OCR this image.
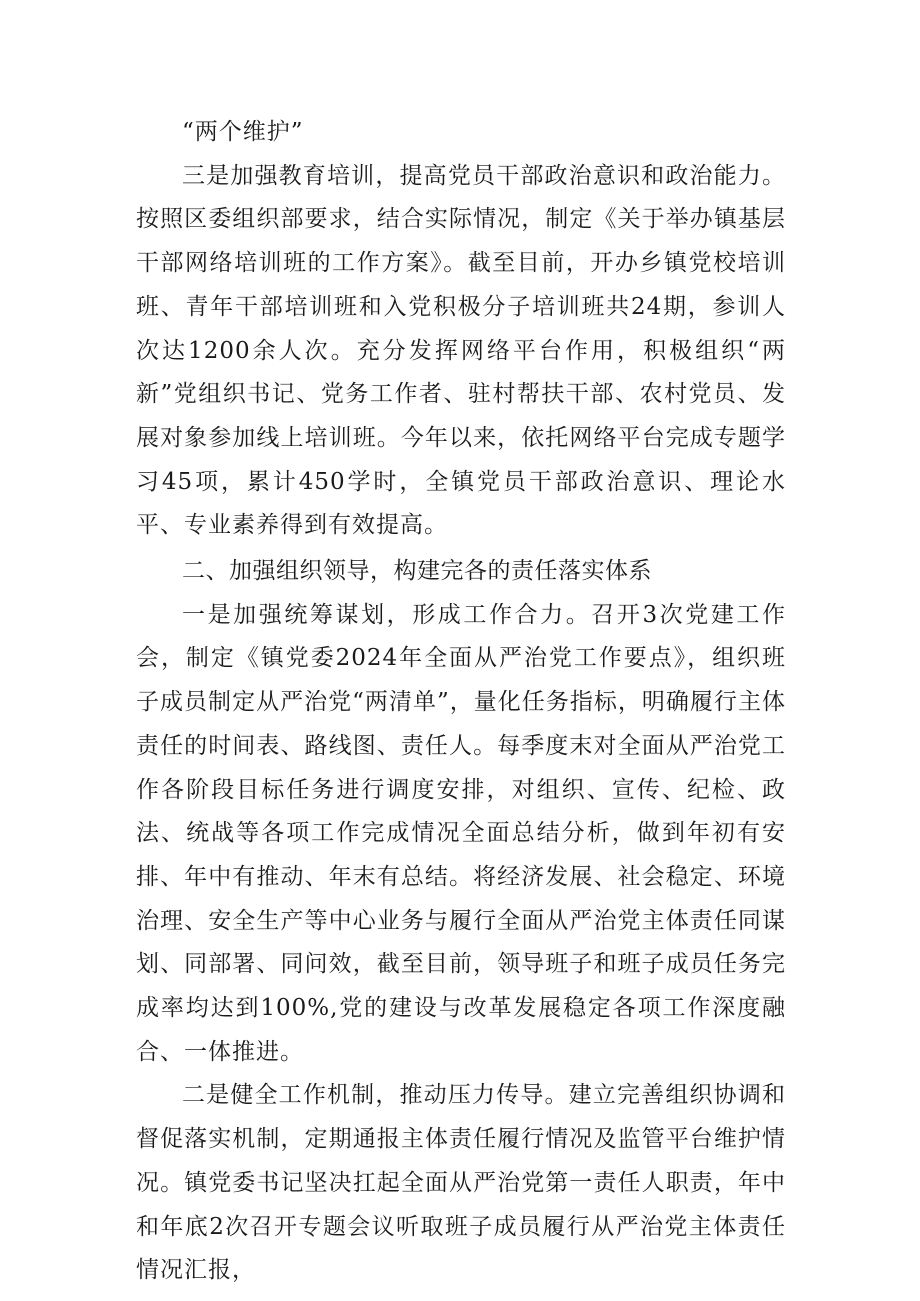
“两个维护”

三是加强教育培训，提高党员干部政治意识和政治能力。按照区委组织部要求，结合实际情况，制定《关于举办镇基层干部网络培训班的工作方案》。截至目前，开办乡镇党校培训班、青年干部培训班和入党积极分子培训班共24期，参训人次达1200余人次。充分发挥网络平台作用，积极组织“两新”党组织书记、党务工作者、驻村帮扶干部、农村党员、发展对象参加线上培训班。今年以来，依托网络平台完成专题学习45项，累计450学时，全镇党员干部政治意识、理论水平、专业素养得到有效提高。

二、加强组织领导，构建完各的责任落实体系

一是加强统筹谋划，形成工作合力。召开3次党建工作会，制定《镇党委2024年全面从严治党工作要点》，组织班子成员制定从严治党“两清单”，量化任务指标，明确履行主体责任的时间表、路线图、责任人。每季度末对全面从严治党工作各阶段目标任务进行调度安排，对组织、宣传、纪检、政法、统战等各项工作完成情况全面总结分析，做到年初有安排、年中有推动、年末有总结。将经济发展、社会稳定、环境治理、安全生产等中心业务与履行全面从严治党主体责任同谋划、同部署、同问效，截至目前，领导班子和班子成员任务完成率均达到100%,党的建设与改革发展稳定各项工作深度融合、一体推进。

二是健全工作机制，推动压力传导。建立完善组织协调和督促落实机制，定期通报主体责任履行情况及监管平台维护情况。镇党委书记坚决扛起全面从严治党第一责任人职责，年中和年底2次召开专题会议听取班子成员履行从严治党主体责任情况汇报，
